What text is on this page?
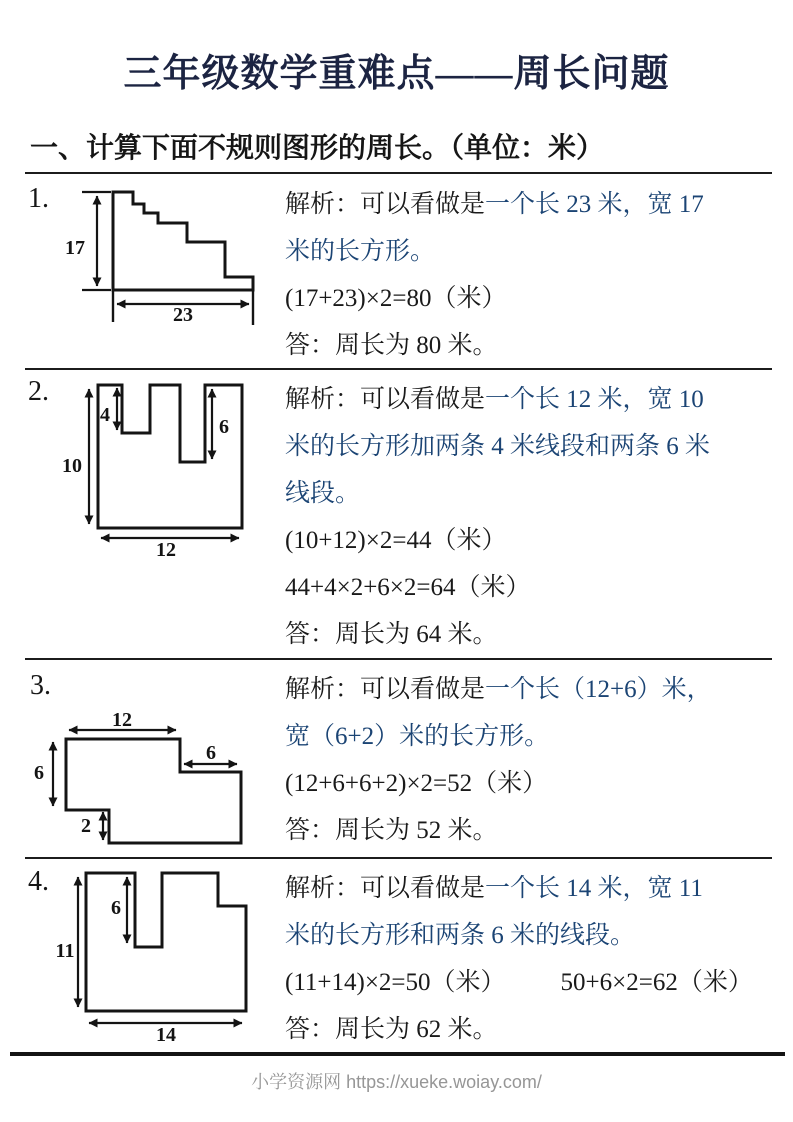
三年级数学重难点——周长问题
一、计算下面不规则图形的周长。（单位：米）
1.
17
23

解析：可以看做是一个长 23 米，宽 17 米的长方形。

(17+23)×2=80（米）

答：周长为 80 米。

2.
10
12
4
6

解析：可以看做是一个长 12 米，宽 10 米的长方形加两条 4 米线段和两条 6 米线段。

(10+12)×2=44（米）

44+4×2+6×2=64（米）

答：周长为 64 米。

3.
12
6
6
2

解析：可以看做是一个长（12+6）米，宽（6+2）米的长方形。

(12+6+6+2)×2=52（米）

答：周长为 52 米。

4.
11
6
14

解析：可以看做是一个长 14 米，宽 11 米的长方形和两条 6 米的线段。

(11+14)×2=50（米） 50+6×2=62（米）

答：周长为 62 米。

小学资源网 https://xueke.woiay.com/
